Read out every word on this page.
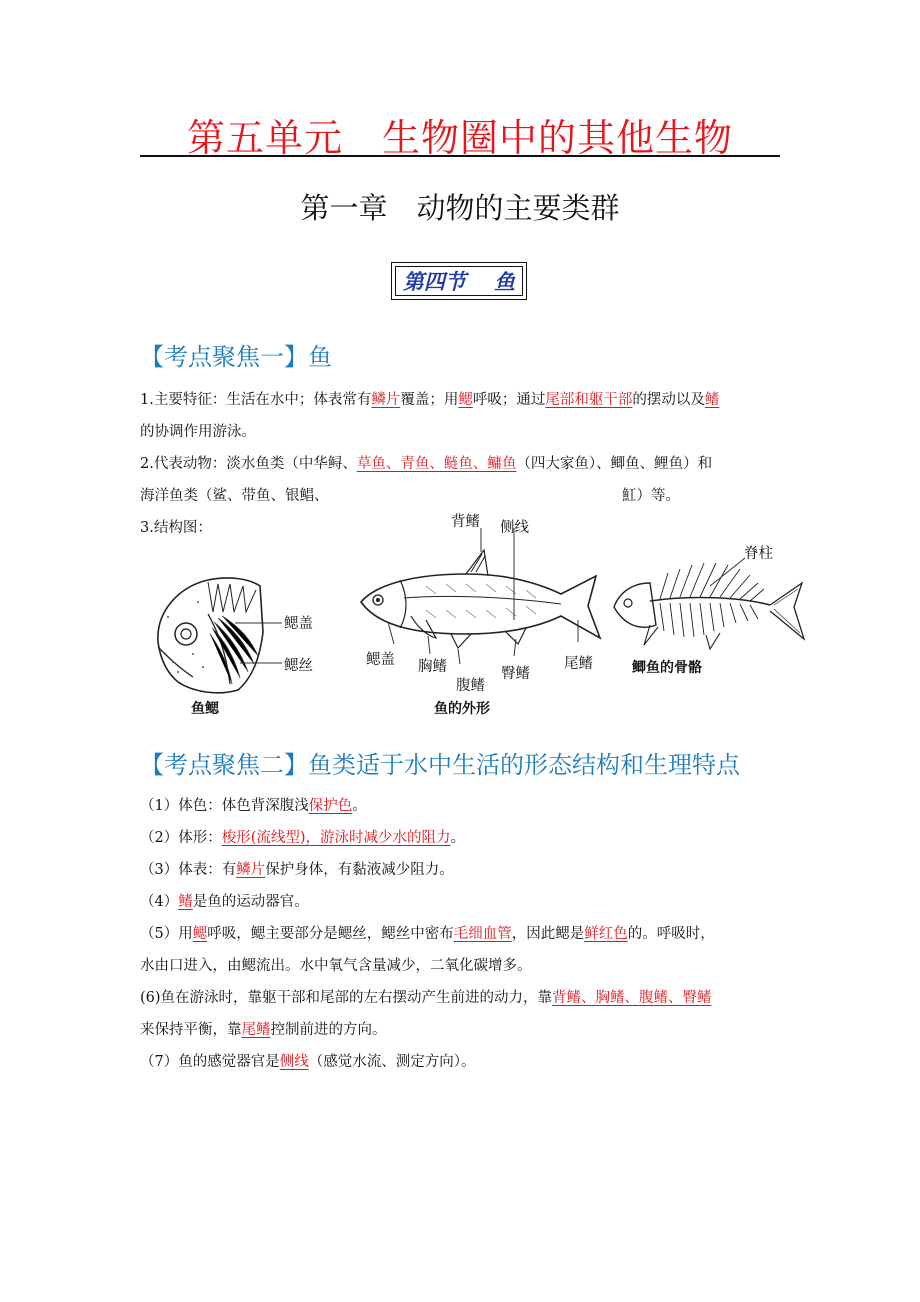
第五单元　生物圈中的其他生物
第一章　动物的主要类群
第四节　 鱼
【考点聚焦一】鱼
1.主要特征：生活在水中；体表常有鳞片覆盖；用鳃呼吸；通过尾部和躯干部的摆动以及鳍
的协调作用游泳。
2.代表动物：淡水鱼类（中华鲟、草鱼、青鱼、鲢鱼、鳙鱼（四大家鱼）、鲫鱼、鲤鱼）和
海洋鱼类（鲨、带鱼、银鲳、	魟）等。
3.结构图：
鳃盖
鳃丝
鱼鳃
背鳍 侧线
鳃盖 胸鳍
腹鳍
臀鳍
尾鳍
鱼的外形
脊柱
鲫鱼的骨骼
【考点聚焦二】鱼类适于水中生活的形态结构和生理特点
（1）体色：体色背深腹浅保护色。
（2）体形：梭形(流线型)，游泳时减少水的阻力。
（3）体表：有鳞片保护身体，有黏液减少阻力。
（4）鳍是鱼的运动器官。
（5）用鳃呼吸，鳃主要部分是鳃丝，鳃丝中密布毛细血管，因此鳃是鲜红色的。呼吸时，
水由口进入，由鳃流出。水中氧气含量减少，二氧化碳增多。
(6)鱼在游泳时，靠躯干部和尾部的左右摆动产生前进的动力，靠背鳍、胸鳍、腹鳍、臀鳍
来保持平衡，靠尾鳍控制前进的方向。
（7）鱼的感觉器官是侧线（感觉水流、测定方向）。
